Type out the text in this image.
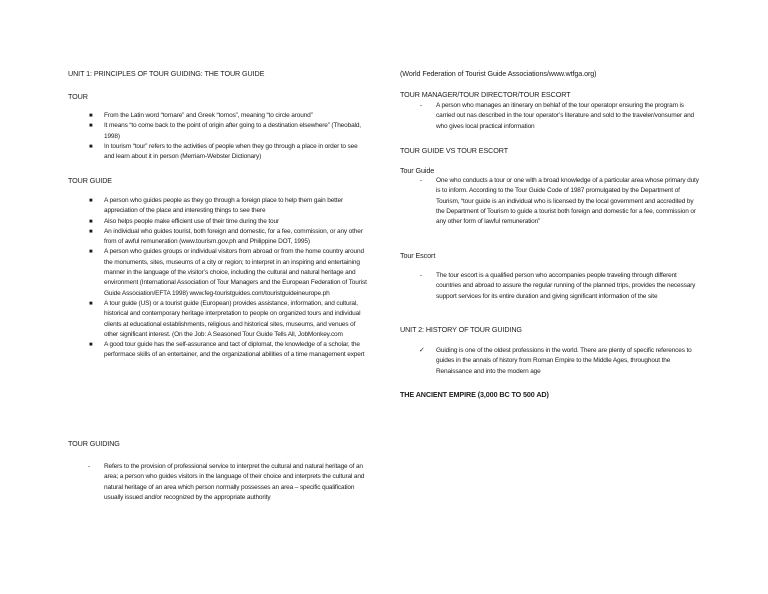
UNIT 1: PRINCIPLES OF TOUR GUIDING: THE TOUR GUIDE
TOUR
■ From the Latin word “tornare” and Greek “tornos”, meaning “to circle around”
■ It means “to come back to the point of origin after going to a destination elsewhere” (Theobald, 1998)
■ In tourism “tour” refers to the activities of people when they go through a place in order to see and learn about it in person (Merriam-Webster Dictionary)
TOUR GUIDE
■ A person who guides people as they go through a foreign place to help them gain better appreciation of the place and interesting things to see there
■ Also helps people make efficient use of their time during the tour
■ An individual who guides tourist, both foreign and domestic, for a fee, commission, or any other from of awful remuneration (www.tourism.gov.ph and Philippine DOT, 1995)
■ A person who guides groups or individual visitors from abroad or from the home country around the monuments, sites, museums of a city or region; to interpret in an inspiring and entertaining manner in the language of the visitor’s choice, including the cultural and natural heritage and environment (International Association of Tour Managers and the European Federation of Tourist Guide Association/EFTA 1998) www.feg-touristguides.com/touristguideineurope.ph
■ A tour guide (US) or a tourist guide (European) provides assistance, information, and cultural, historical and contemporary heritage interpretation to people on organized tours and individual clients at educational establishments, religious and historical sites, museums, and venues of other significant interest. (On the Job: A Seasoned Tour Guide Tells All, JobMonkey.com
■ A good tour guide has the self-assurance and tact of diplomat, the knowledge of a scholar, the performace skills of an entertainer, and the organizational abilities of a time management expert
TOUR GUIDING
- Refers to the provision of professional service to interpret the cultural and natural heritage of an area; a person who guides visitors in the language of their choice and interprets the cultural and natural heritage of an area which person normally possesses an area – specific qualification usually issued and/or recognized by the appropriate authority
(World Federation of Tourist Guide Associations/www.wtfga.org)
TOUR MANAGER/TOUR DIRECTOR/TOUR ESCORT
- A person who manages an itinerary on behlaf of the tour operatopr ensuring the program is carried out nas described in the tour operator’s literature and sold to the traveler/vonsumer and who gives local practical information
TOUR GUIDE VS TOUR ESCORT
Tour Guide
- One who conducts a tour or one with a broad knowledge of a particular area whose primary duty is to inform. According to the Tour Guide Code of 1987 promulgated by the Department of Tourism, “tour guide is an individual who is licensed by the local government and accredited by the Department of Tourism to guide a tourist both foreign and domestic for a fee, commission or any other form of lawful remuneration”
Tour Escort
- The tour escort is a qualified person who accompanies people traveling through different countries and abroad to assure the regular running of the planned trips, provides the necessary support services for its entire duration and giving significant information of the site
UNIT 2: HISTORY OF TOUR GUIDING
✓ Guiding is one of the oldest professions in the world. There are plenty of specific references to guides in the annals of history from Roman Empire to the Middle Ages, throughout the Renaissance and into the modern age
THE ANCIENT EMPIRE (3,000 BC TO 500 AD)
